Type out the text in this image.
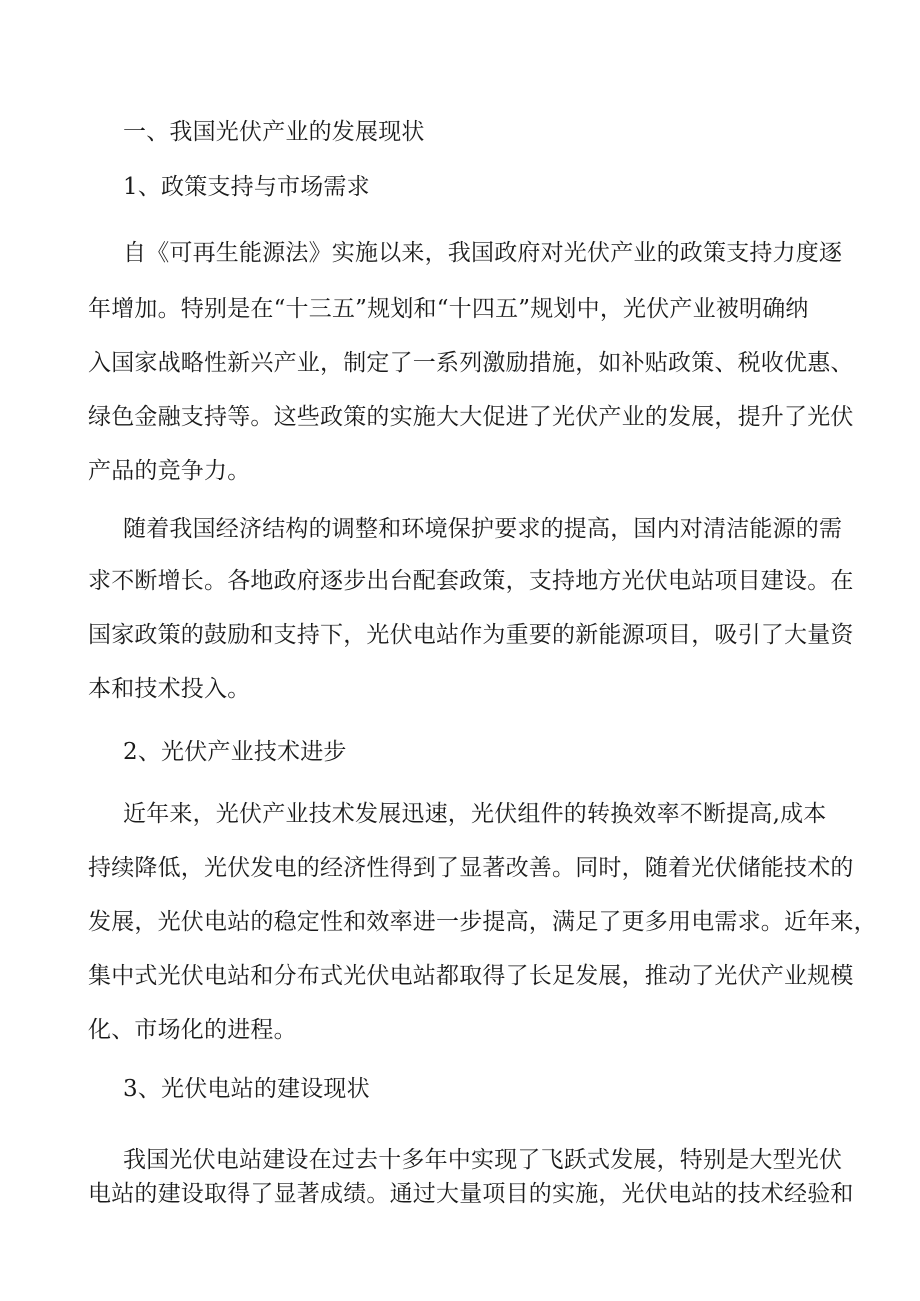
一、我国光伏产业的发展现状
1、政策支持与市场需求
自《可再生能源法》实施以来，我国政府对光伏产业的政策支持力度逐
年增加。特别是在“十三五”规划和“十四五”规划中，光伏产业被明确纳
入国家战略性新兴产业，制定了一系列激励措施，如补贴政策、税收优惠、
绿色金融支持等。这些政策的实施大大促进了光伏产业的发展，提升了光伏
产品的竞争力。
随着我国经济结构的调整和环境保护要求的提高，国内对清洁能源的需
求不断增长。各地政府逐步出台配套政策，支持地方光伏电站项目建设。在
国家政策的鼓励和支持下，光伏电站作为重要的新能源项目，吸引了大量资
本和技术投入。
2、光伏产业技术进步
近年来，光伏产业技术发展迅速，光伏组件的转换效率不断提高,成本
持续降低，光伏发电的经济性得到了显著改善。同时，随着光伏储能技术的
发展，光伏电站的稳定性和效率进一步提高，满足了更多用电需求。近年来，
集中式光伏电站和分布式光伏电站都取得了长足发展，推动了光伏产业规模
化、市场化的进程。
3、光伏电站的建设现状
我国光伏电站建设在过去十多年中实现了飞跃式发展，特别是大型光伏
电站的建设取得了显著成绩。通过大量项目的实施，光伏电站的技术经验和
